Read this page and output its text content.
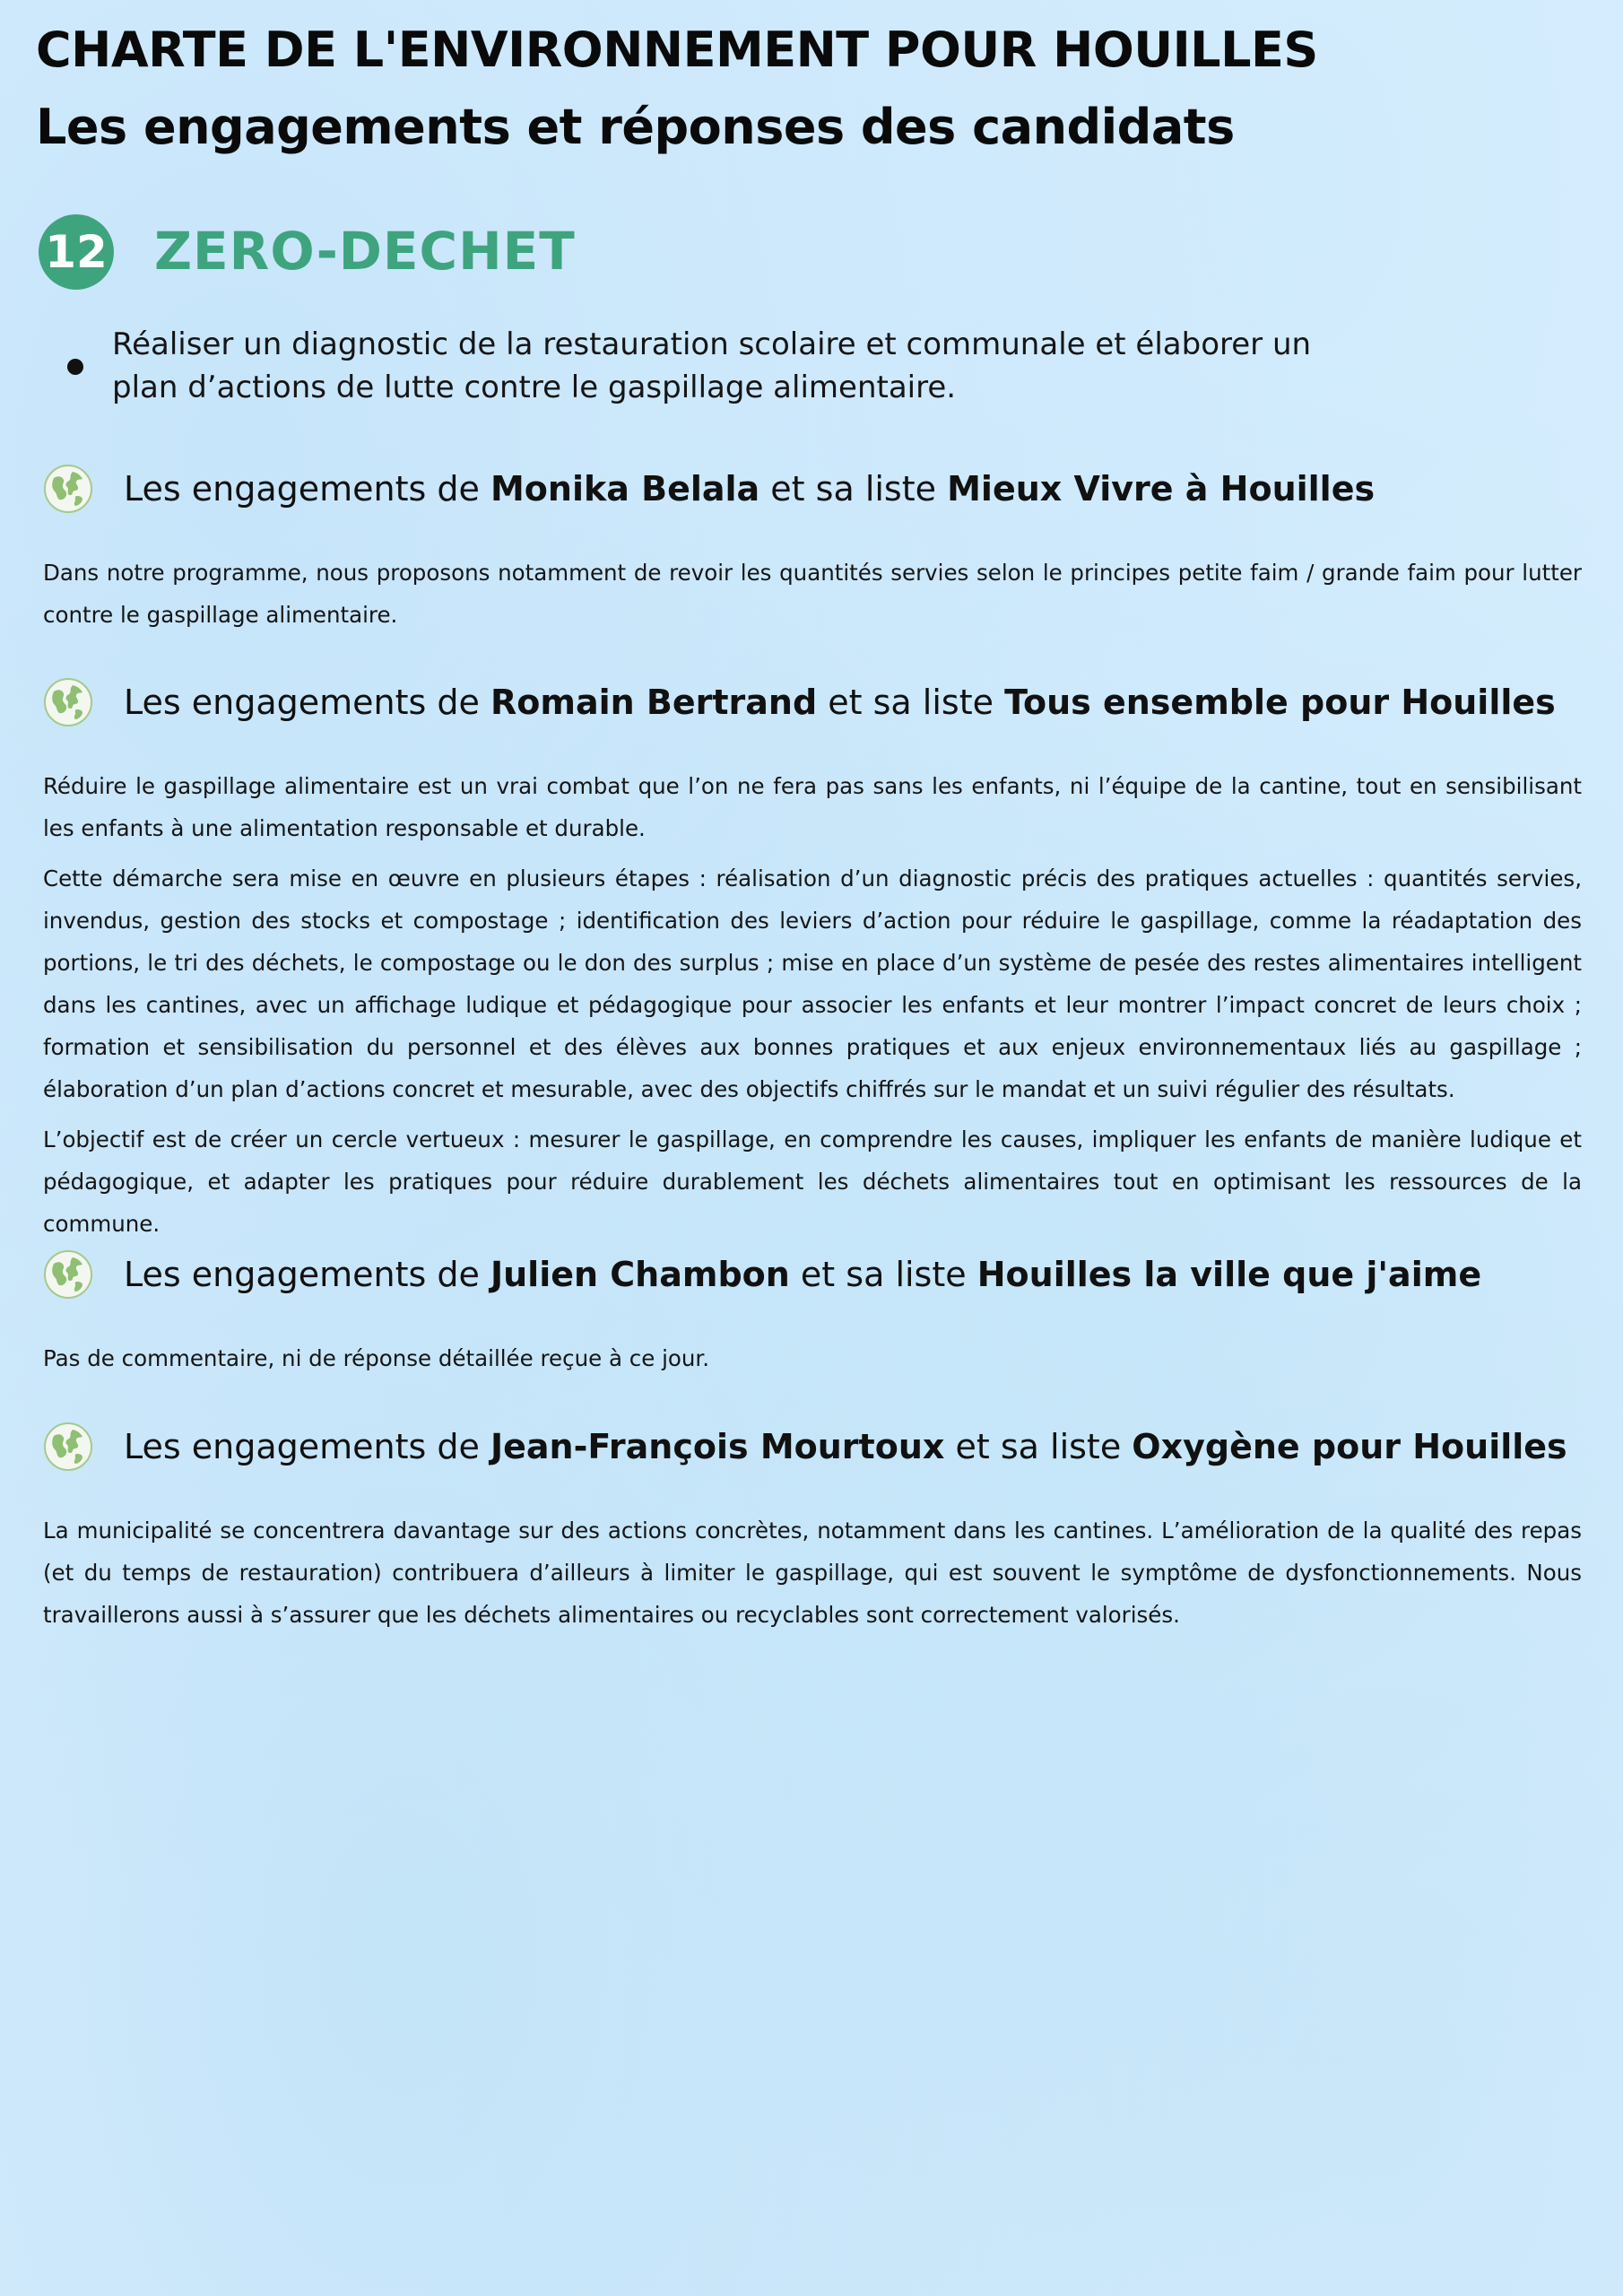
CHARTE DE L'ENVIRONNEMENT POUR HOUILLES
Les engagements et réponses des candidats
12 ZERO-DECHET
Réaliser un diagnostic de la restauration scolaire et communale et élaborer un plan d’actions de lutte contre le gaspillage alimentaire.
Les engagements de Monika Belala et sa liste Mieux Vivre à Houilles

Dans notre programme, nous proposons notamment de revoir les quantités servies selon le principes petite faim / grande faim pour lutter contre le gaspillage alimentaire.

Les engagements de Romain Bertrand et sa liste Tous ensemble pour Houilles

Réduire le gaspillage alimentaire est un vrai combat que l’on ne fera pas sans les enfants, ni l’équipe de la cantine, tout en sensibilisant les enfants à une alimentation responsable et durable.

Cette démarche sera mise en œuvre en plusieurs étapes : réalisation d’un diagnostic précis des pratiques actuelles : quantités servies, invendus, gestion des stocks et compostage ; identification des leviers d’action pour réduire le gaspillage, comme la réadaptation des portions, le tri des déchets, le compostage ou le don des surplus ; mise en place d’un système de pesée des restes alimentaires intelligent dans les cantines, avec un affichage ludique et pédagogique pour associer les enfants et leur montrer l’impact concret de leurs choix ; formation et sensibilisation du personnel et des élèves aux bonnes pratiques et aux enjeux environnementaux liés au gaspillage ; élaboration d’un plan d’actions concret et mesurable, avec des objectifs chiffrés sur le mandat et un suivi régulier des résultats.

L’objectif est de créer un cercle vertueux : mesurer le gaspillage, en comprendre les causes, impliquer les enfants de manière ludique et pédagogique, et adapter les pratiques pour réduire durablement les déchets alimentaires tout en optimisant les ressources de la commune.

Les engagements de Julien Chambon et sa liste Houilles la ville que j'aime

Pas de commentaire, ni de réponse détaillée reçue à ce jour.

Les engagements de Jean-François Mourtoux et sa liste Oxygène pour Houilles

La municipalité se concentrera davantage sur des actions concrètes, notamment dans les cantines. L’amélioration de la qualité des repas (et du temps de restauration) contribuera d’ailleurs à limiter le gaspillage, qui est souvent le symptôme de dysfonctionnements. Nous travaillerons aussi à s’assurer que les déchets alimentaires ou recyclables sont correctement valorisés.
